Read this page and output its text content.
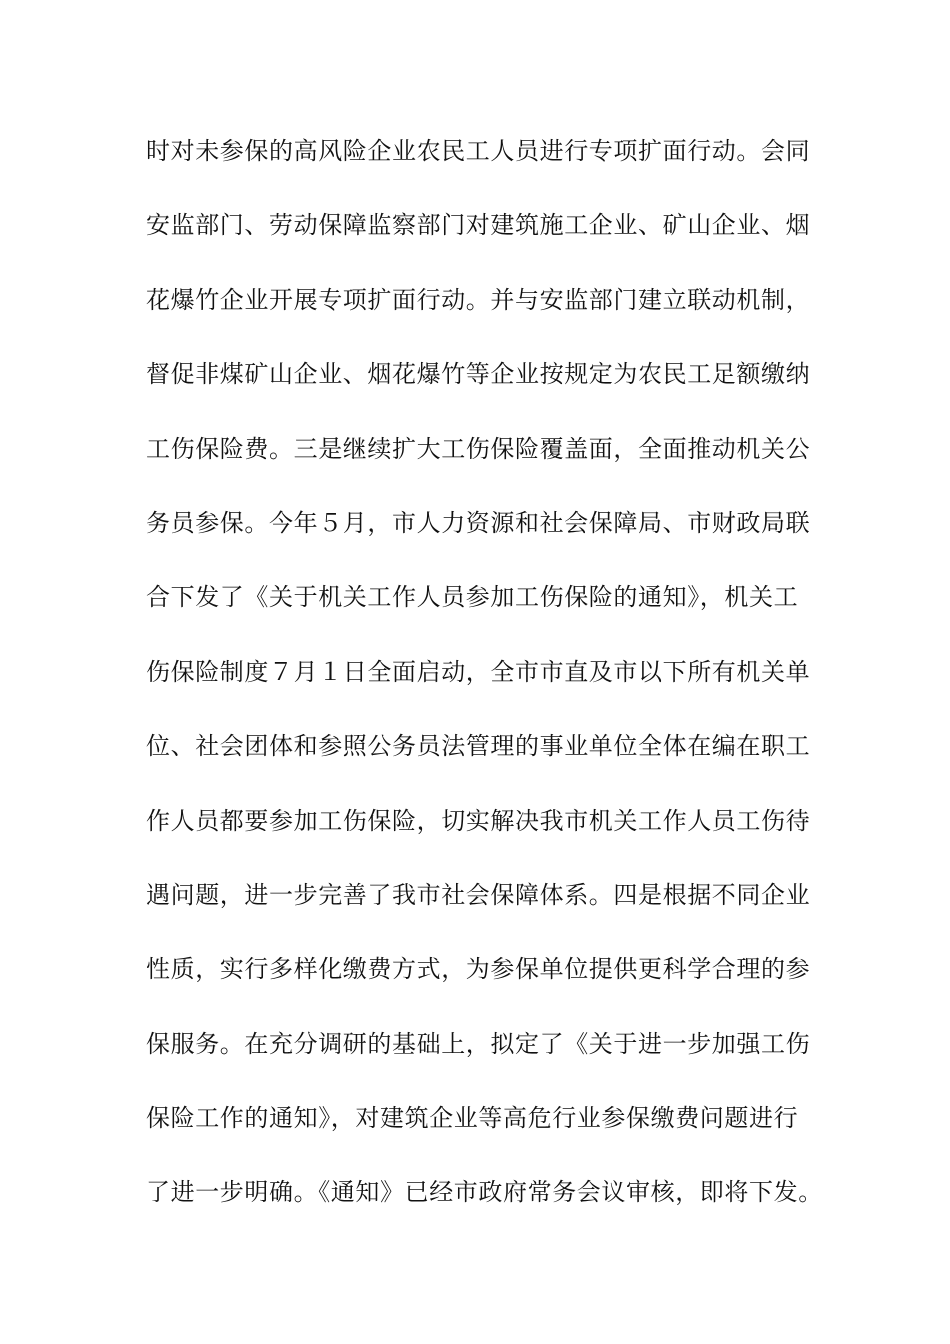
时对未参保的高风险企业农民工人员进行专项扩面行动。会同
安监部门、劳动保障监察部门对建筑施工企业、矿山企业、烟
花爆竹企业开展专项扩面行动。并与安监部门建立联动机制，
督促非煤矿山企业、烟花爆竹等企业按规定为农民工足额缴纳
工伤保险费。三是继续扩大工伤保险覆盖面，全面推动机关公
务员参保。今年５月，市人力资源和社会保障局、市财政局联
合下发了《关于机关工作人员参加工伤保险的通知》，机关工
伤保险制度７月１日全面启动，全市市直及市以下所有机关单
位、社会团体和参照公务员法管理的事业单位全体在编在职工
作人员都要参加工伤保险，切实解决我市机关工作人员工伤待
遇问题，进一步完善了我市社会保障体系。四是根据不同企业
性质，实行多样化缴费方式，为参保单位提供更科学合理的参
保服务。在充分调研的基础上，拟定了《关于进一步加强工伤
保险工作的通知》，对建筑企业等高危行业参保缴费问题进行
了进一步明确。《通知》已经市政府常务会议审核，即将下发。
